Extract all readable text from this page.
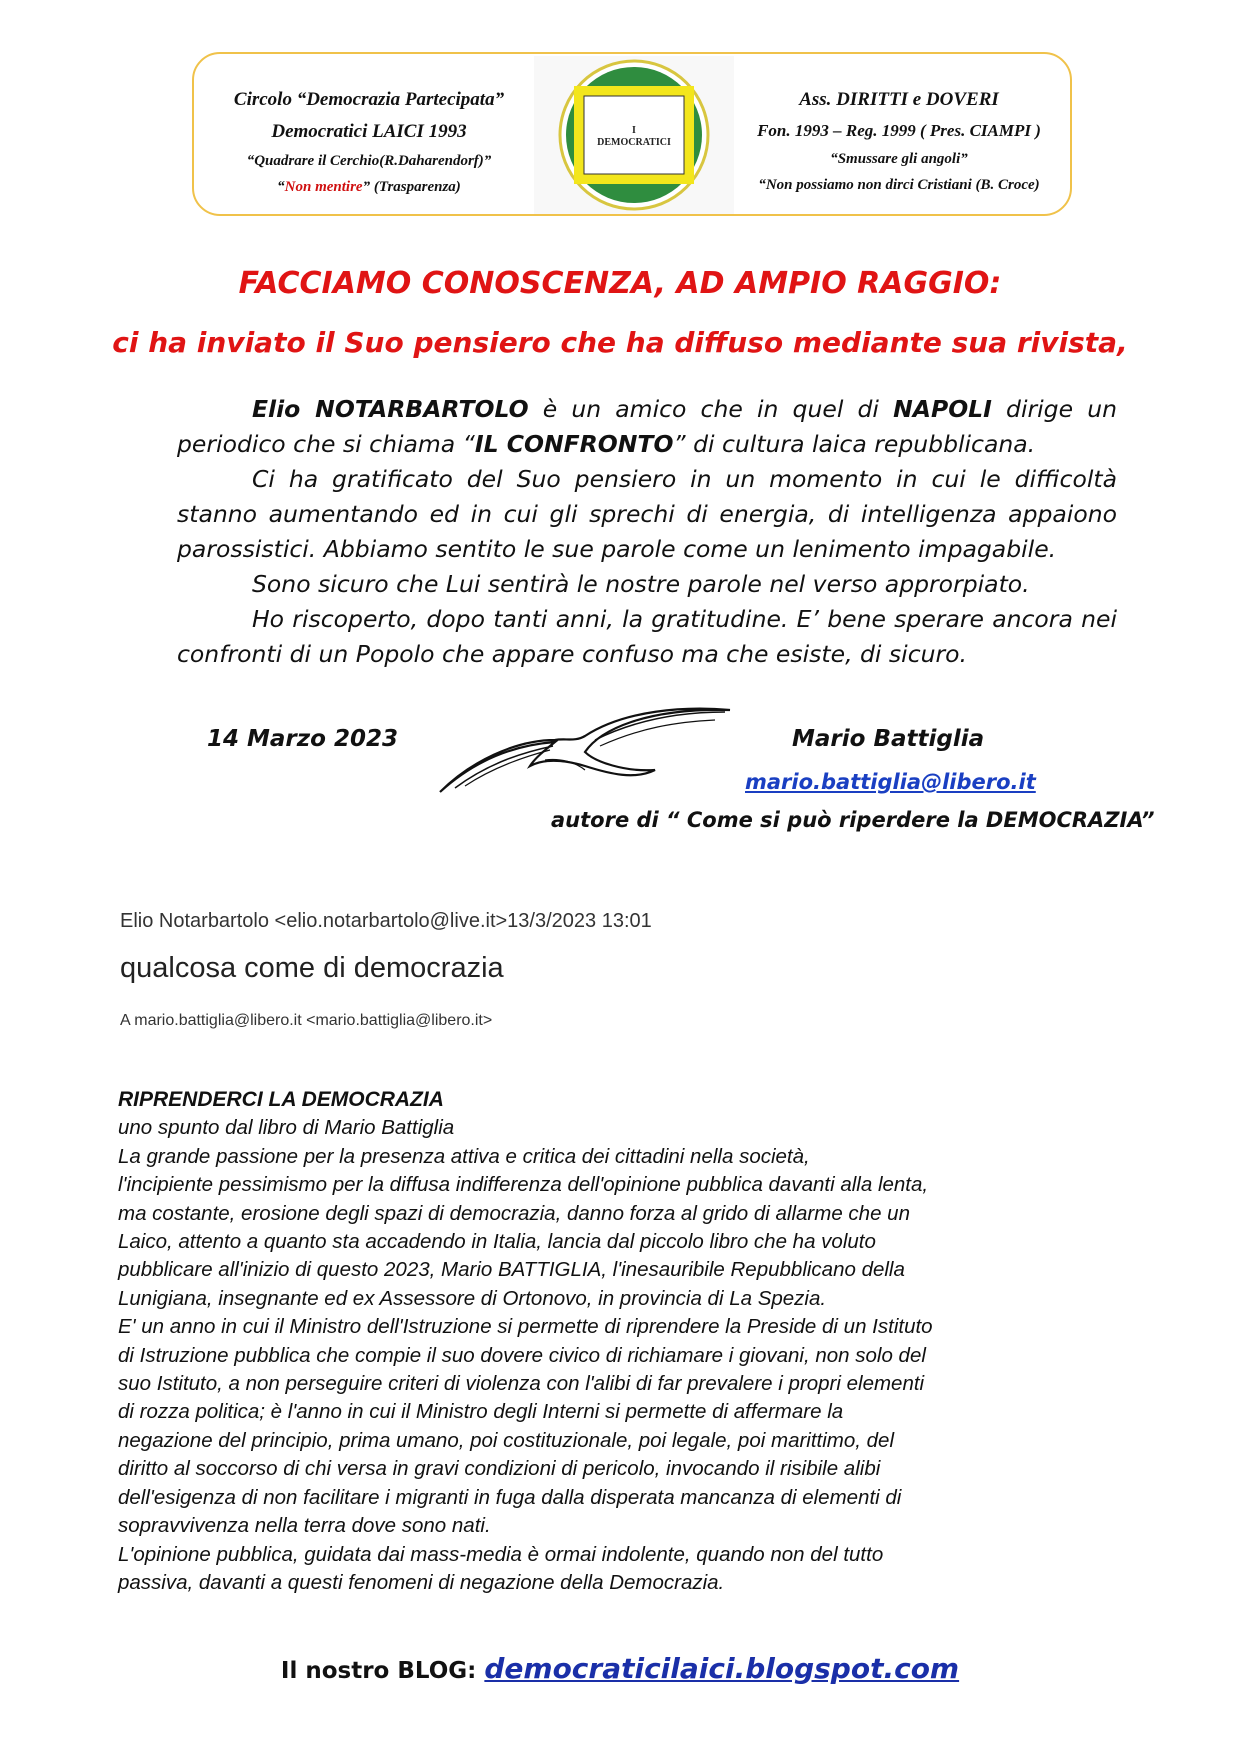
Circolo “Democrazia Partecipata”
Democratici LAICI 1993
“Quadrare il Cerchio(R.Daharendorf)”
“Non mentire” (Trasparenza)
I
DEMOCRATICI
Ass. DIRITTI e DOVERI
Fon. 1993 – Reg. 1999 ( Pres. CIAMPI )
“Smussare gli angoli”
“Non possiamo non dirci Cristiani (B. Croce)
FACCIAMO CONOSCENZA, AD AMPIO RAGGIO:
ci ha inviato il Suo pensiero che ha diffuso mediante sua rivista,

Elio NOTARBARTOLO è un amico che in quel di NAPOLI dirige un periodico che si chiama “IL CONFRONTO” di cultura laica repubblicana.

Ci ha gratificato del Suo pensiero in un momento in cui le difficoltà stanno aumentando ed in cui gli sprechi di energia, di intelligenza appaiono parossistici. Abbiamo sentito le sue parole come un lenimento impagabile.

Sono sicuro che Lui sentirà le nostre parole nel verso approrpiato.

Ho riscoperto, dopo tanti anni, la gratitudine. E’ bene sperare ancora nei confronti di un Popolo che appare confuso ma che esiste, di sicuro.

14 Marzo 2023	Mario Battiglia
mario.battiglia@libero.it
autore di “ Come si può riperdere la DEMOCRAZIA”
Elio Notarbartolo <elio.notarbartolo@live.it>13/3/2023 13:01
qualcosa come di democrazia
A mario.battiglia@libero.it <mario.battiglia@libero.it>
RIPRENDERCI LA DEMOCRAZIA

uno spunto dal libro di Mario Battiglia

La grande passione per la presenza attiva e critica dei cittadini nella società,

l'incipiente pessimismo per la diffusa indifferenza dell'opinione pubblica davanti alla lenta,

ma costante, erosione degli spazi di democrazia, danno forza al grido di allarme che un

Laico, attento a quanto sta accadendo in Italia, lancia dal piccolo libro che ha voluto

pubblicare all'inizio di questo 2023, Mario BATTIGLIA, l'inesauribile Repubblicano della

Lunigiana, insegnante ed ex Assessore di Ortonovo, in provincia di La Spezia.

E' un anno in cui il Ministro dell'Istruzione si permette di riprendere la Preside di un Istituto

di Istruzione pubblica che compie il suo dovere civico di richiamare i giovani, non solo del

suo Istituto, a non perseguire criteri di violenza con l'alibi di far prevalere i propri elementi

di rozza politica; è l'anno in cui il Ministro degli Interni si permette di affermare la

negazione del principio, prima umano, poi costituzionale, poi legale, poi marittimo, del

diritto al soccorso di chi versa in gravi condizioni di pericolo, invocando il risibile alibi

dell'esigenza di non facilitare i migranti in fuga dalla disperata mancanza di elementi di

sopravvivenza nella terra dove sono nati.

L'opinione pubblica, guidata dai mass-media è ormai indolente, quando non del tutto

passiva, davanti a questi fenomeni di negazione della Democrazia.

Il nostro BLOG: democraticilaici.blogspot.com
